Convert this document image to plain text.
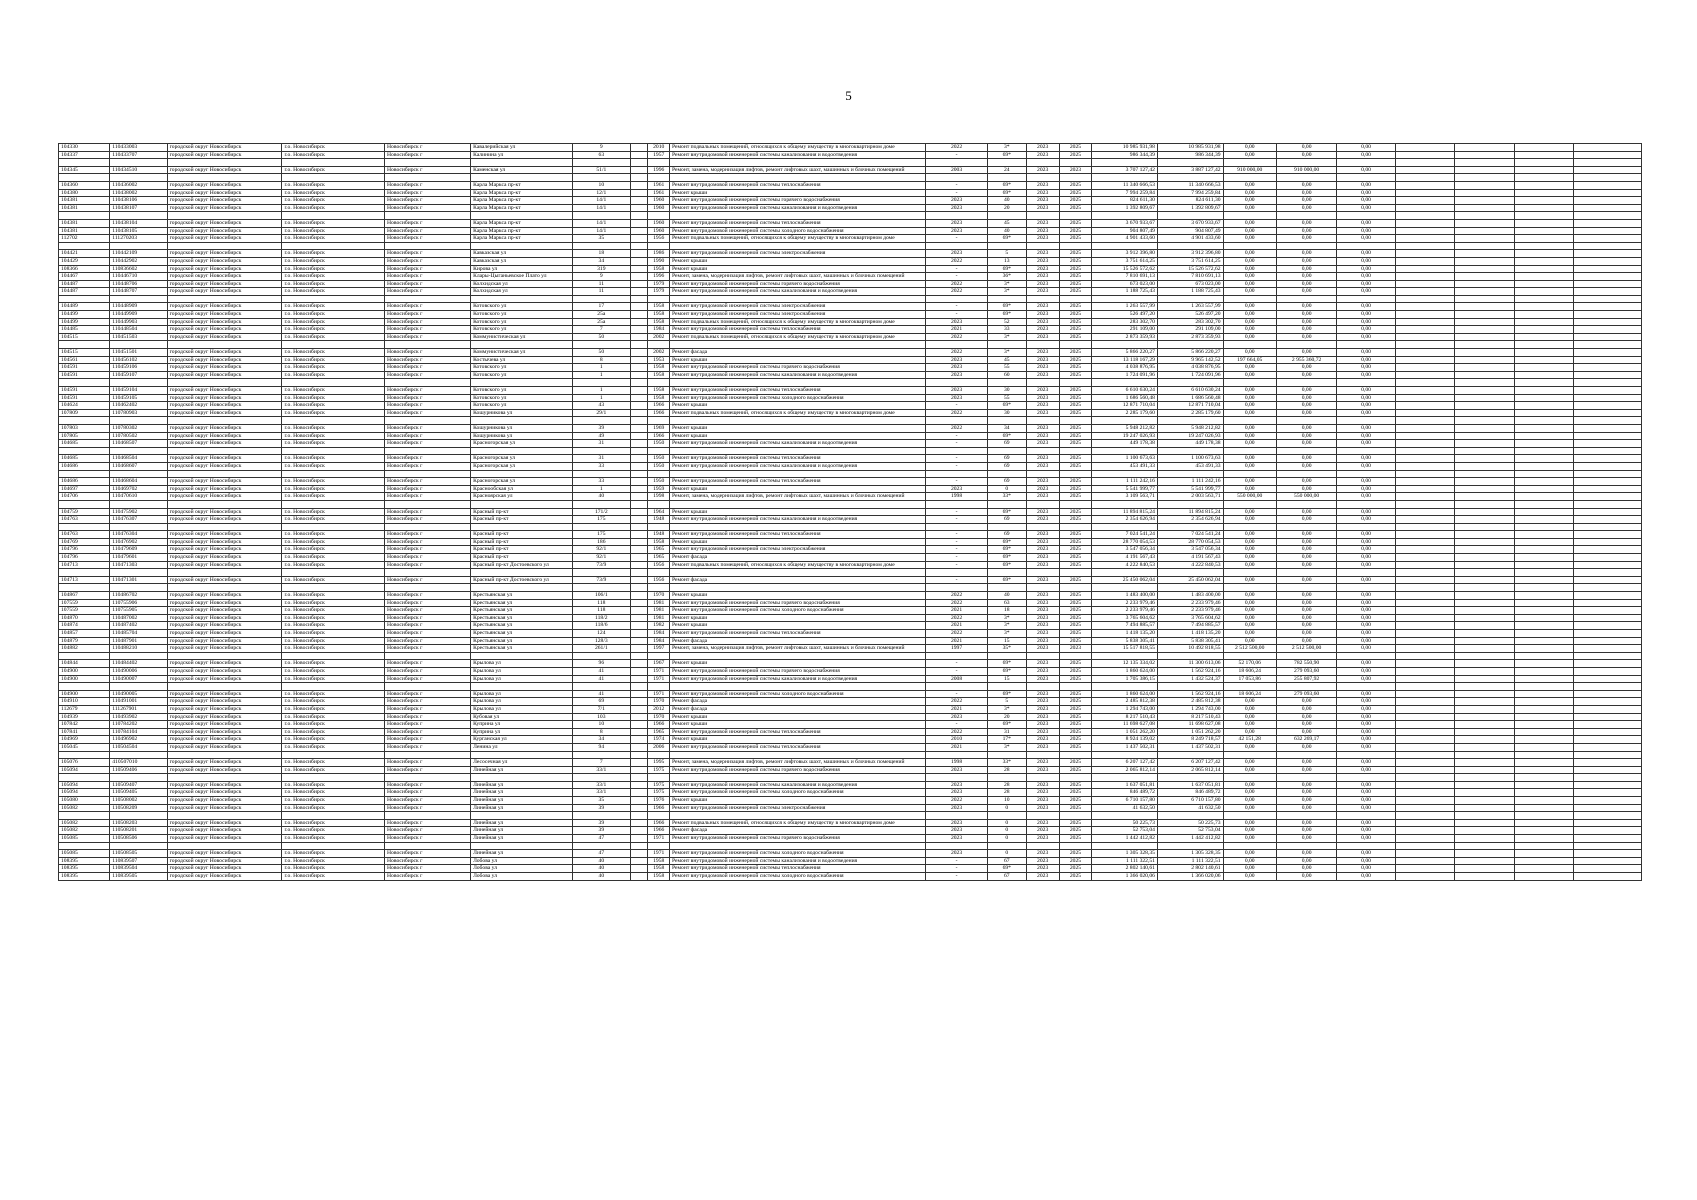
5
104330	110433003	городской округ Новосибирск	г.о. Новосибирск	Новосибирск г	Кавалерийская ул	9		2010	Ремонт подвальных помещений, относящихся к общему имуществу в многоквартирном доме	2022	3*	2023	2025	10 985 931,98	10 985 931,98	0,00	0,00	0,00				
104337	110433707	городской округ Новосибирск	г.о. Новосибирск	Новосибирск г	Калинина ул	63		1957	Ремонт внутридомовой инженерной системы канализования и водоотведения	-	69*	2023	2025	986 344,39	986 344,39	0,00	0,00	0,00				

104345	110434510	городской округ Новосибирск	г.о. Новосибирск	Новосибирск г	Каменская ул	51/1		1996	Ремонт, замена, модернизация лифтов, ремонт лифтовых шахт, машинных и блочных помещений	2003	24	2023	2023	3 707 127,42	3 887 127,42	910 000,00	910 000,00	0,00				

104360	110436002	городской округ Новосибирск	г.о. Новосибирск	Новосибирск г	Карла Маркса пр-кт	10		1961	Ремонт внутридомовой инженерной системы теплоснабжения	-	69*	2023	2025	11 340 666,53	11 340 666,53	0,00	0,00	0,00				
104380	110438002	городской округ Новосибирск	г.о. Новосибирск	Новосибирск г	Карла Маркса пр-кт	12/1		1961	Ремонт крыши	-	69*	2023	2025	7 994 259,84	7 994 259,84	0,00	0,00	0,00				
104381	110438106	городской округ Новосибирск	г.о. Новосибирск	Новосибирск г	Карла Маркса пр-кт	14/1		1960	Ремонт внутридомовой инженерной системы горячего водоснабжения	2023	40	2023	2025	824 611,30	824 611,30	0,00	0,00	0,00				
104381	110438107	городской округ Новосибирск	г.о. Новосибирск	Новосибирск г	Карла Маркса пр-кт	14/1		1960	Ремонт внутридомовой инженерной системы канализования и водоотведения	2023	20	2023	2025	1 392 809,67	1 392 809,67	0,00	0,00	0,00				

104381	110438104	городской округ Новосибирск	г.о. Новосибирск	Новосибирск г	Карла Маркса пр-кт	14/1		1960	Ремонт внутридомовой инженерной системы теплоснабжения	2023	45	2023	2025	3 670 933,67	3 670 933,67	0,00	0,00	0,00				
104381	110438105	городской округ Новосибирск	г.о. Новосибирск	Новосибирск г	Карла Маркса пр-кт	14/1		1960	Ремонт внутридомовой инженерной системы холодного водоснабжения	2023	40	2023	2025	904 807,49	904 807,49	0,00	0,00	0,00				
112702	111270203	городской округ Новосибирск	г.о. Новосибирск	Новосибирск г	Карла Маркса пр-кт	35		1956	Ремонт подвальных помещений, относящихся к общему имуществу в многоквартирном доме	-	69*	2023	2025	4 901 433,60	4 901 433,60	0,00	0,00	0,00				

104421	110442109	городской округ Новосибирск	г.о. Новосибирск	Новосибирск г	Кавказская ул	18		1986	Ремонт внутридомовой инженерной системы электроснабжения	2023	5	2023	2025	3 912 396,80	3 912 396,80	0,00	0,00	0,00				
104429	110442902	городской округ Новосибирск	г.о. Новосибирск	Новосибирск г	Кавказская ул	34		1990	Ремонт крыши	2022	13	2023	2025	3 751 614,25	3 751 614,25	0,00	0,00	0,00				
108366	110836602	городской округ Новосибирск	г.о. Новосибирск	Новосибирск г	Кирова ул	319		1958	Ремонт крыши	-	69*	2023	2025	15 526 572,62	15 526 572,62	0,00	0,00	0,00				
104467	110446710	городской округ Новосибирск	г.о. Новосибирск	Новосибирск г	Клары-Цыганьевское Плато ул	9		1996	Ремонт, замена, модернизация лифтов, ремонт лифтовых шахт, машинных и блочных помещений	-	36*	2023	2025	7 810 691,13	7 810 691,13	0,00	0,00	0,00				
104487	110448706	городской округ Новосибирск	г.о. Новосибирск	Новосибирск г	Колхидская ул	11		1979	Ремонт внутридомовой инженерной системы горячего водоснабжения	2022	3*	2023	2025	673 023,00	673 023,00	0,00	0,00	0,00				
104487	110448707	городской округ Новосибирск	г.о. Новосибирск	Новосибирск г	Колхидская ул	11		1979	Ремонт внутридомовой инженерной системы канализования и водоотведения	2022	3*	2023	2025	1 188 725,43	1 188 725,43	0,00	0,00	0,00				

104489	110448909	городской округ Новосибирск	г.о. Новосибирск	Новосибирск г	Котовского ул	17		1958	Ремонт внутридомовой инженерной системы электроснабжения	-	69*	2023	2025	1 263 557,99	1 263 557,99	0,00	0,00	0,00				
104499	110449909	городской округ Новосибирск	г.о. Новосибирск	Новосибирск г	Котовского ул	25а		1958	Ремонт внутридомовой инженерной системы электроснабжения	-	69*	2023	2025	526 497,20	526 497,20	0,00	0,00	0,00				
104499	110449903	городской округ Новосибирск	г.о. Новосибирск	Новосибирск г	Котовского ул	25а		1958	Ремонт подвальных помещений, относящихся к общему имуществу в многоквартирном доме	2023	52	2023	2025	283 302,70	283 302,70	0,00	0,00	0,00				
104485	110448504	городской округ Новосибирск	г.о. Новосибирск	Новосибирск г	Котовского ул	7		1984	Ремонт внутридомовой инженерной системы теплоснабжения	2021	33	2023	2025	291 109,00	291 109,00	0,00	0,00	0,00				
104515	110451503	городской округ Новосибирск	г.о. Новосибирск	Новосибирск г	Коммунистическая ул	50		2002	Ремонт подвальных помещений, относящихся к общему имуществу в многоквартирном доме	2022	3*	2023	2025	2 873 359,93	2 873 359,93	0,00	0,00	0,00				

104515	110451501	городской округ Новосибирск	г.о. Новосибирск	Новосибирск г	Коммунистическая ул	50		2002	Ремонт фасада	2022	3*	2023	2025	5 866 220,27	5 866 220,27	0,00	0,00	0,00				
104561	110456102	городской округ Новосибирск	г.о. Новосибирск	Новосибирск г	Костычева ул	8		1953	Ремонт крыши	2023	45	2023	2025	13 118 167,29	9 965 142,52	197 664,05	2 955 360,72	0,00				
104591	110459106	городской округ Новосибирск	г.о. Новосибирск	Новосибирск г	Котовского ул	1		1958	Ремонт внутридомовой инженерной системы горячего водоснабжения	2023	55	2023	2025	4 038 876,95	4 038 876,95	0,00	0,00	0,00				
104591	110459107	городской округ Новосибирск	г.о. Новосибирск	Новосибирск г	Котовского ул	1		1958	Ремонт внутридомовой инженерной системы канализования и водоотведения	2023	60	2023	2025	1 724 091,96	1 724 091,96	0,00	0,00	0,00				

104591	110459104	городской округ Новосибирск	г.о. Новосибирск	Новосибирск г	Котовского ул	1		1958	Ремонт внутридомовой инженерной системы теплоснабжения	2023	30	2023	2025	6 610 630,24	6 610 630,24	0,00	0,00	0,00				
104591	110459105	городской округ Новосибирск	г.о. Новосибирск	Новосибирск г	Котовского ул	1		1958	Ремонт внутридомовой инженерной системы холодного водоснабжения	2023	55	2023	2025	1 686 560,48	1 686 560,48	0,00	0,00	0,00				
104624	110462402	городской округ Новосибирск	г.о. Новосибирск	Новосибирск г	Котовского ул	43		1966	Ремонт крыши	-	69*	2023	2025	12 871 710,04	12 871 710,04	0,00	0,00	0,00				
107809	110780903	городской округ Новосибирск	г.о. Новосибирск	Новосибирск г	Кошурникова ул	29/1		1966	Ремонт подвальных помещений, относящихся к общему имуществу в многоквартирном доме	2022	30	2023	2025	2 285 179,60	2 285 179,60	0,00	0,00	0,00				

107803	110780302	городской округ Новосибирск	г.о. Новосибирск	Новосибирск г	Кошурникова ул	39		1969	Ремонт крыши	2022	34	2023	2025	5 948 212,82	5 948 212,82	0,00	0,00	0,00				
107805	110780502	городской округ Новосибирск	г.о. Новосибирск	Новосибирск г	Кошурникова ул	49		1966	Ремонт крыши	-	69*	2023	2025	19 247 026,93	19 247 026,93	0,00	0,00	0,00				
104685	110468507	городской округ Новосибирск	г.о. Новосибирск	Новосибирск г	Красногорская ул	31		1950	Ремонт внутридомовой инженерной системы канализования и водоотведения	-	69	2023	2025	449 178,38	449 178,38	0,00	0,00	0,00				

104685	110468504	городской округ Новосибирск	г.о. Новосибирск	Новосибирск г	Красногорская ул	31		1950	Ремонт внутридомовой инженерной системы теплоснабжения	-	69	2023	2025	1 100 673,63	1 100 673,63	0,00	0,00	0,00				
104686	110468607	городской округ Новосибирск	г.о. Новосибирск	Новосибирск г	Красногорская ул	33		1950	Ремонт внутридомовой инженерной системы канализования и водоотведения	-	69	2023	2025	453 491,33	453 491,33	0,00	0,00	0,00				

104686	110468604	городской округ Новосибирск	г.о. Новосибирск	Новосибирск г	Красногорская ул	33		1950	Ремонт внутридомовой инженерной системы теплоснабжения	-	69	2023	2025	1 111 242,16	1 111 242,16	0,00	0,00	0,00				
104697	110469702	городской округ Новосибирск	г.о. Новосибирск	Новосибирск г	Краснообская ул	1		1959	Ремонт крыши	2023	0	2023	2025	5 541 999,77	5 541 999,77	0,00	0,00	0,00				
104706	110470610	городской округ Новосибирск	г.о. Новосибирск	Новосибирск г	Красноярская ул	40		1998	Ремонт, замена, модернизация лифтов, ремонт лифтовых шахт, машинных и блочных помещений	1998	33*	2023	2025	3 109 563,71	2 003 563,71	550 000,00	550 000,00	0,00				

104759	110475902	городской округ Новосибирск	г.о. Новосибирск	Новосибирск г	Красный пр-кт	171/2		1964	Ремонт крыши	-	69*	2023	2025	11 894 815,24	11 894 815,24	0,00	0,00	0,00				
104763	110476307	городской округ Новосибирск	г.о. Новосибирск	Новосибирск г	Красный пр-кт	175		1948	Ремонт внутридомовой инженерной системы канализования и водоотведения	-	69	2023	2025	2 354 626,94	2 354 626,94	0,00	0,00	0,00				

104763	110476304	городской округ Новосибирск	г.о. Новосибирск	Новосибирск г	Красный пр-кт	175		1948	Ремонт внутридомовой инженерной системы теплоснабжения	-	69	2023	2025	7 024 541,24	7 024 541,24	0,00	0,00	0,00				
104769	110476902	городской округ Новосибирск	г.о. Новосибирск	Новосибирск г	Красный пр-кт	186		1958	Ремонт крыши	-	69*	2023	2025	28 770 054,53	28 770 054,53	0,00	0,00	0,00				
104796	110479609	городской округ Новосибирск	г.о. Новосибирск	Новосибирск г	Красный пр-кт	92/1		1965	Ремонт внутридомовой инженерной системы электроснабжения	-	69*	2023	2025	3 547 056,34	3 547 056,34	0,00	0,00	0,00				
104796	110479601	городской округ Новосибирск	г.о. Новосибирск	Новосибирск г	Красный пр-кт	92/1		1965	Ремонт фасада	-	69*	2023	2025	4 191 567,43	4 191 567,43	0,00	0,00	0,00				
104713	110471303	городской округ Новосибирск	г.о. Новосибирск	Новосибирск г	Красный пр-кт Достоевского ул	73/9		1956	Ремонт подвальных помещений, относящихся к общему имуществу в многоквартирном доме	-	69*	2023	2025	4 222 840,53	4 222 840,53	0,00	0,00	0,00				

104713	110471301	городской округ Новосибирск	г.о. Новосибирск	Новосибирск г	Красный пр-кт Достоевского ул	73/9		1956	Ремонт фасада	-	69*	2023	2025	25 450 062,04	25 450 062,04	0,00	0,00	0,00				

104867	110486702	городской округ Новосибирск	г.о. Новосибирск	Новосибирск г	Крестьянская ул	106/1		1970	Ремонт крыши	2022	40	2023	2025	1 483 400,00	1 483 400,00	0,00	0,00	0,00				
107559	110755906	городской округ Новосибирск	г.о. Новосибирск	Новосибирск г	Крестьянская ул	118		1981	Ремонт внутридомовой инженерной системы горячего водоснабжения	2022	63	2023	2025	2 233 979,46	2 233 979,46	0,00	0,00	0,00				
107559	110755905	городской округ Новосибирск	г.о. Новосибирск	Новосибирск г	Крестьянская ул	118		1981	Ремонт внутридомовой инженерной системы холодного водоснабжения	2021	18	2023	2025	2 233 979,46	2 233 979,46	0,00	0,00	0,00				
104870	110487002	городской округ Новосибирск	г.о. Новосибирск	Новосибирск г	Крестьянская ул	118/2		1981	Ремонт крыши	2022	3*	2023	2025	3 765 604,62	3 765 604,62	0,00	0,00	0,00				
104874	110487402	городской округ Новосибирск	г.о. Новосибирск	Новосибирск г	Крестьянская ул	118/6		1982	Ремонт крыши	2021	3*	2023	2025	7 494 885,57	7 494 885,57	0,00	0,00	0,00				
104857	110485704	городской округ Новосибирск	г.о. Новосибирск	Новосибирск г	Крестьянская ул	124		1984	Ремонт внутридомовой инженерной системы теплоснабжения	2022	3*	2023	2025	1 418 135,20	1 418 135,20	0,00	0,00	0,00				
104879	110487901	городской округ Новосибирск	г.о. Новосибирск	Новосибирск г	Крестьянская ул	128/3		1984	Ремонт фасада	2021	15	2023	2025	5 838 305,41	5 838 305,41	0,00	0,00	0,00				
104882	110488210	городской округ Новосибирск	г.о. Новосибирск	Новосибирск г	Крестьянская ул	261/1		1997	Ремонт, замена, модернизация лифтов, ремонт лифтовых шахт, машинных и блочных помещений	1997	35*	2023	2023	15 517 818,55	10 492 818,55	2 512 500,00	2 512 500,00	0,00				

104844	110484402	городской округ Новосибирск	г.о. Новосибирск	Новосибирск г	Крылова ул	96		1967	Ремонт крыши	-	69*	2023	2025	12 135 334,02	11 300 613,06	52 170,06	782 550,90	0,00				
104900	110490006	городской округ Новосибирск	г.о. Новосибирск	Новосибирск г	Крылова ул	41		1971	Ремонт внутридомовой инженерной системы горячего водоснабжения	-	69*	2023	2025	1 860 624,00	1 562 924,16	18 606,24	279 093,60	0,00				
104900	110490007	городской округ Новосибирск	г.о. Новосибирск	Новосибирск г	Крылова ул	41		1971	Ремонт внутридомовой инженерной системы канализования и водоотведения	2008	15	2023	2025	1 705 386,15	1 432 524,37	17 053,86	255 807,92	0,00				

104900	110490005	городской округ Новосибирск	г.о. Новосибирск	Новосибирск г	Крылова ул	41		1971	Ремонт внутридомовой инженерной системы холодного водоснабжения	-	69*	2023	2025	1 860 624,00	1 562 924,16	18 606,24	279 093,60	0,00				
104910	110491001	городской округ Новосибирск	г.о. Новосибирск	Новосибирск г	Крылова ул	69		1970	Ремонт фасада	2022	5	2023	2025	2 485 812,38	2 485 812,38	0,00	0,00	0,00				
112679	111267901	городской округ Новосибирск	г.о. Новосибирск	Новосибирск г	Крылова ул	7/1		2012	Ремонт фасада	2021	3*	2023	2025	1 294 743,00	1 294 743,00	0,00	0,00	0,00				
104939	110493902	городской округ Новосибирск	г.о. Новосибирск	Новосибирск г	Кубовая ул	103		1970	Ремонт крыши	2023	20	2023	2025	8 217 510,43	8 217 510,43	0,00	0,00	0,00				
107842	110784202	городской округ Новосибирск	г.о. Новосибирск	Новосибирск г	Куприна ул	10		1966	Ремонт крыши	-	69*	2023	2025	11 698 627,08	11 698 627,08	0,00	0,00	0,00				
107841	110784104	городской округ Новосибирск	г.о. Новосибирск	Новосибирск г	Куприна ул	8		1965	Ремонт внутридомовой инженерной системы теплоснабжения	2022	31	2023	2025	1 051 262,20	1 051 262,20	0,00	0,00	0,00				
104969	110496902	городской округ Новосибирск	г.о. Новосибирск	Новосибирск г	Курганская ул	34		1974	Ремонт крыши	2010	17*	2023	2025	8 924 139,02	8 249 718,57	42 151,28	632 269,17	0,00				
105045	110504504	городской округ Новосибирск	г.о. Новосибирск	Новосибирск г	Ленина ул	94		2006	Ремонт внутридомовой инженерной системы теплоснабжения	2021	3*	2023	2025	1 437 502,31	1 437 502,31	0,00	0,00	0,00				

105076	410507010	городской округ Новосибирск	г.о. Новосибирск	Новосибирск г	Лесосечная ул	7		1995	Ремонт, замена, модернизация лифтов, ремонт лифтовых шахт, машинных и блочных помещений	1998	33*	2023	2025	6 207 127,42	6 207 127,42	0,00	0,00	0,00				
105094	110509406	городской округ Новосибирск	г.о. Новосибирск	Новосибирск г	Линейная ул	33/1		1975	Ремонт внутридомовой инженерной системы горячего водоснабжения	2023	28	2023	2025	2 065 812,14	2 065 812,14	0,00	0,00	0,00				

105094	110509407	городской округ Новосибирск	г.о. Новосибирск	Новосибирск г	Линейная ул	33/1		1975	Ремонт внутридомовой инженерной системы канализования и водоотведения	2023	28	2023	2025	1 637 051,81	1 637 051,81	0,00	0,00	0,00				
105094	110509405	городской округ Новосибирск	г.о. Новосибирск	Новосибирск г	Линейная ул	33/1		1975	Ремонт внутридомовой инженерной системы холодного водоснабжения	2023	28	2023	2025	846 489,72	846 489,72	0,00	0,00	0,00				
105080	110508002	городской округ Новосибирск	г.о. Новосибирск	Новосибирск г	Линейная ул	35		1976	Ремонт крыши	2022	10	2023	2025	6 710 157,80	6 710 157,80	0,00	0,00	0,00				
105082	110508209	городской округ Новосибирск	г.о. Новосибирск	Новосибирск г	Линейная ул	39		1966	Ремонт внутридомовой инженерной системы электроснабжения	2023	0	2023	2025	41 632,50	41 632,50	0,00	0,00	0,00				

105082	110508203	городской округ Новосибирск	г.о. Новосибирск	Новосибирск г	Линейная ул	39		1966	Ремонт подвальных помещений, относящихся к общему имуществу в многоквартирном доме	2023	0	2023	2025	50 225,73	50 225,73	0,00	0,00	0,00				
105082	110508201	городской округ Новосибирск	г.о. Новосибирск	Новосибирск г	Линейная ул	39		1966	Ремонт фасада	2023	0	2023	2025	52 753,04	52 753,04	0,00	0,00	0,00				
105085	110508506	городской округ Новосибирск	г.о. Новосибирск	Новосибирск г	Линейная ул	47		1971	Ремонт внутридомовой инженерной системы горячего водоснабжения	2023	0	2023	2025	1 442 412,82	1 442 412,82	0,00	0,00	0,00				

105085	110508505	городской округ Новосибирск	г.о. Новосибирск	Новосибирск г	Линейная ул	47		1971	Ремонт внутридомовой инженерной системы холодного водоснабжения	2023	0	2023	2025	1 305 328,35	1 305 328,35	0,00	0,00	0,00				
108395	110839507	городской округ Новосибирск	г.о. Новосибирск	Новосибирск г	Лобова ул	40		1958	Ремонт внутридомовой инженерной системы канализования и водоотведения	-	67	2023	2025	1 111 322,51	1 111 322,51	0,00	0,00	0,00				
108395	110839504	городской округ Новосибирск	г.о. Новосибирск	Новосибирск г	Лобова ул	40		1958	Ремонт внутридомовой инженерной системы теплоснабжения	-	69*	2023	2025	2 802 140,61	2 802 140,61	0,00	0,00	0,00				
108395	110839505	городской округ Новосибирск	г.о. Новосибирск	Новосибирск г	Лобова ул	40		1958	Ремонт внутридомовой инженерной системы холодного водоснабжения	-	67	2023	2025	1 366 020,06	1 366 020,06	0,00	0,00	0,00				
